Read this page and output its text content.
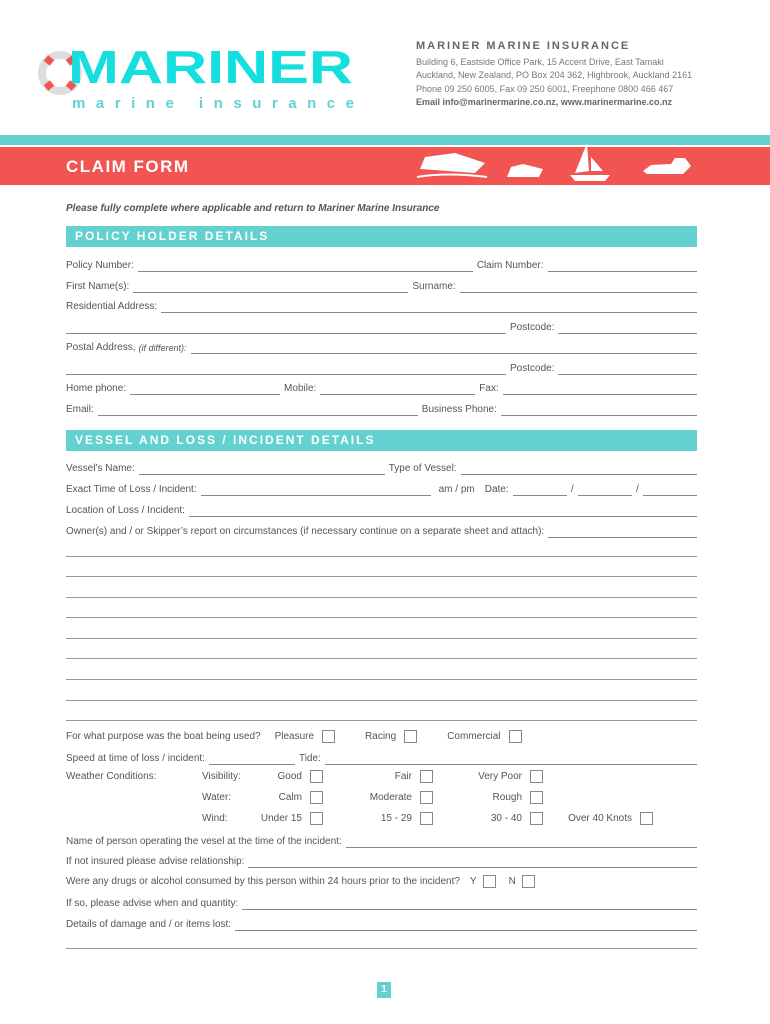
MARINER
marine insurance
MARINER MARINE INSURANCE
Building 6, Eastside Office Park, 15 Accent Drive, East Tamaki
Auckland, New Zealand, PO Box 204 362, Highbrook, Auckland 2161
Phone 09 250 6005, Fax 09 250 6001, Freephone 0800 466 467
Email info@marinermarine.co.nz, www.marinermarine.co.nz
CLAIM FORM
Please fully complete where applicable and return to Mariner Marine Insurance
POLICY HOLDER DETAILS
Policy Number:	Claim Number:
First Name(s):	Surname:
Residential Address:
Postcode:
Postal Address, (if different):
Postcode:
Home phone:	Mobile:	Fax:
Email:	Business Phone:
VESSEL AND LOSS / INCIDENT DETAILS
Vessel’s Name:	Type of Vessel:
Exact Time of Loss / Incident:	am / pm Date:	/	/
Location of Loss / Incident:
Owner(s) and / or Skipper’s report on circumstances (if necessary continue on a separate sheet and attach):
For what purpose was the boat being used? Pleasure	Racing	Commercial
Speed at time of loss / incident:	Tide:
Weather Conditions:	Visibility:	Good	Fair	Very Poor
Water:	Calm	Moderate	Rough
Wind:	Under 15	15 - 29	30 - 40	Over 40 Knots
Name of person operating the vesel at the time of the incident:
If not insured please advise relationship:
Were any drugs or alcohol consumed by this person within 24 hours prior to the incident? Y	N
If so, please advise when and quantity:
Details of damage and / or items lost:
1
